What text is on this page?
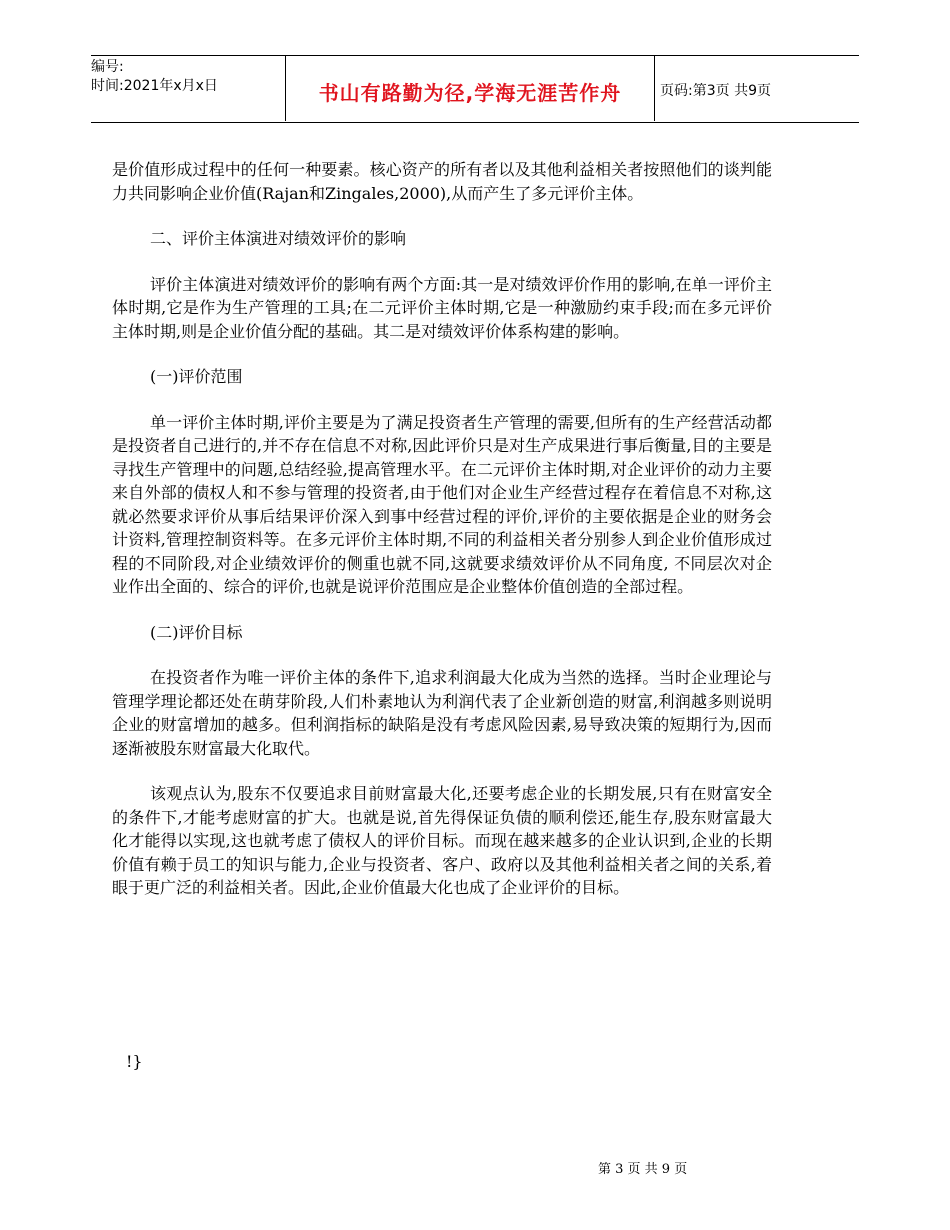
编号:
时间:2021年x月x日	书山有路勤为径,学海无涯苦作舟	页码:第3页 共9页

是价值形成过程中的任何一种要素。核心资产的所有者以及其他利益相关者按照他们的谈判能力共同影响企业价值(Rajan和Zingales,2000),从而产生了多元评价主体。

二、评价主体演进对绩效评价的影响

评价主体演进对绩效评价的影响有两个方面:其一是对绩效评价作用的影响,在单一评价主体时期,它是作为生产管理的工具;在二元评价主体时期,它是一种激励约束手段;而在多元评价主体时期,则是企业价值分配的基础。其二是对绩效评价体系构建的影响。

(一)评价范围

单一评价主体时期,评价主要是为了满足投资者生产管理的需要,但所有的生产经营活动都是投资者自己进行的,并不存在信息不对称,因此评价只是对生产成果进行事后衡量,目的主要是寻找生产管理中的问题,总结经验,提高管理水平。在二元评价主体时期,对企业评价的动力主要来自外部的债权人和不参与管理的投资者,由于他们对企业生产经营过程存在着信息不对称,这就必然要求评价从事后结果评价深入到事中经营过程的评价,评价的主要依据是企业的财务会计资料,管理控制资料等。在多元评价主体时期,不同的利益相关者分别参人到企业价值形成过程的不同阶段,对企业绩效评价的侧重也就不同,这就要求绩效评价从不同角度, 不同层次对企业作出全面的、综合的评价,也就是说评价范围应是企业整体价值创造的全部过程。

(二)评价目标

在投资者作为唯一评价主体的条件下,追求利润最大化成为当然的选择。当时企业理论与管理学理论都还处在萌芽阶段,人们朴素地认为利润代表了企业新创造的财富,利润越多则说明企业的财富增加的越多。但利润指标的缺陷是没有考虑风险因素,易导致决策的短期行为,因而逐渐被股东财富最大化取代。

该观点认为,股东不仅要追求目前财富最大化,还要考虑企业的长期发展,只有在财富安全的条件下,才能考虑财富的扩大。也就是说,首先得保证负债的顺利偿还,能生存,股东财富最大化才能得以实现,这也就考虑了债权人的评价目标。而现在越来越多的企业认识到,企业的长期价值有赖于员工的知识与能力,企业与投资者、客户、政府以及其他利益相关者之间的关系,着眼于更广泛的利益相关者。因此,企业价值最大化也成了企业评价的目标。

!}
第 3 页 共 9 页
